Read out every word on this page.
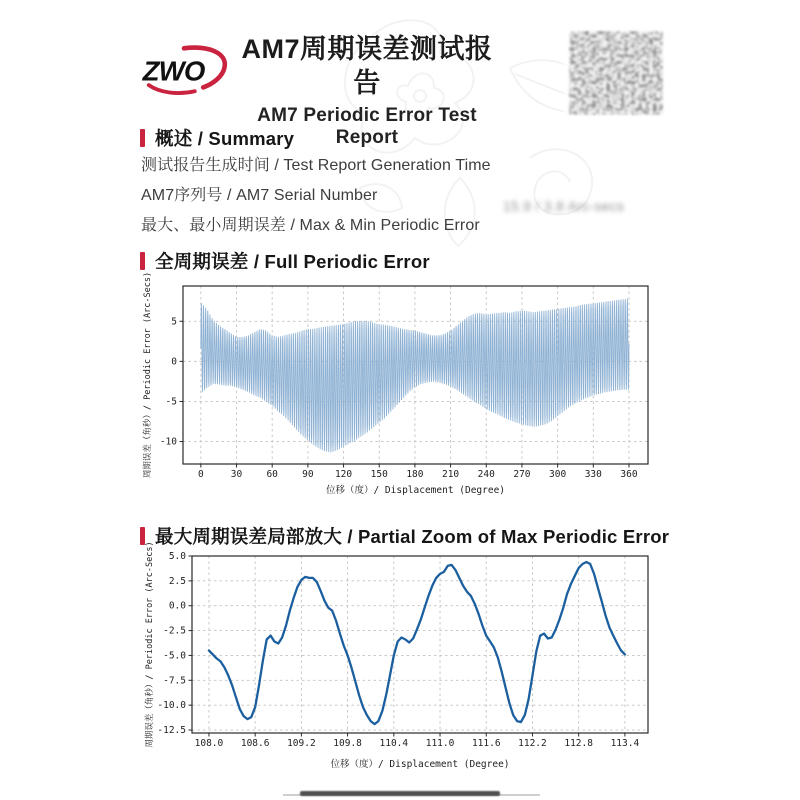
ZWO
AM7周期误差测试报告
AM7 Periodic Error Test Report
概述 / Summary
测试报告生成时间 / Test Report Generation Time
AM7序列号 / AM7 Serial Number
最大、最小周期误差 / Max & Min Periodic Error
15.9 / 3.8 Arc-secs
全周期误差 / Full Periodic Error
0	30	60	90 120 150 180 210 240 270 300 330 360
5
0
-5
-10
位移（度）/ Displacement (Degree)
周期误差（角秒）/ Periodic Error (Arc-Secs)
最大周期误差局部放大 / Partial Zoom of Max Periodic Error
108.0 108.6 109.2 109.8 110.4 111.0 111.6 112.2 112.8 113.4
5.0
2.5
0.0
-2.5
-5.0
-7.5
-10.0
-12.5
位移（度）/ Displacement (Degree)
周期误差（角秒）/ Periodic Error (Arc-Secs)
